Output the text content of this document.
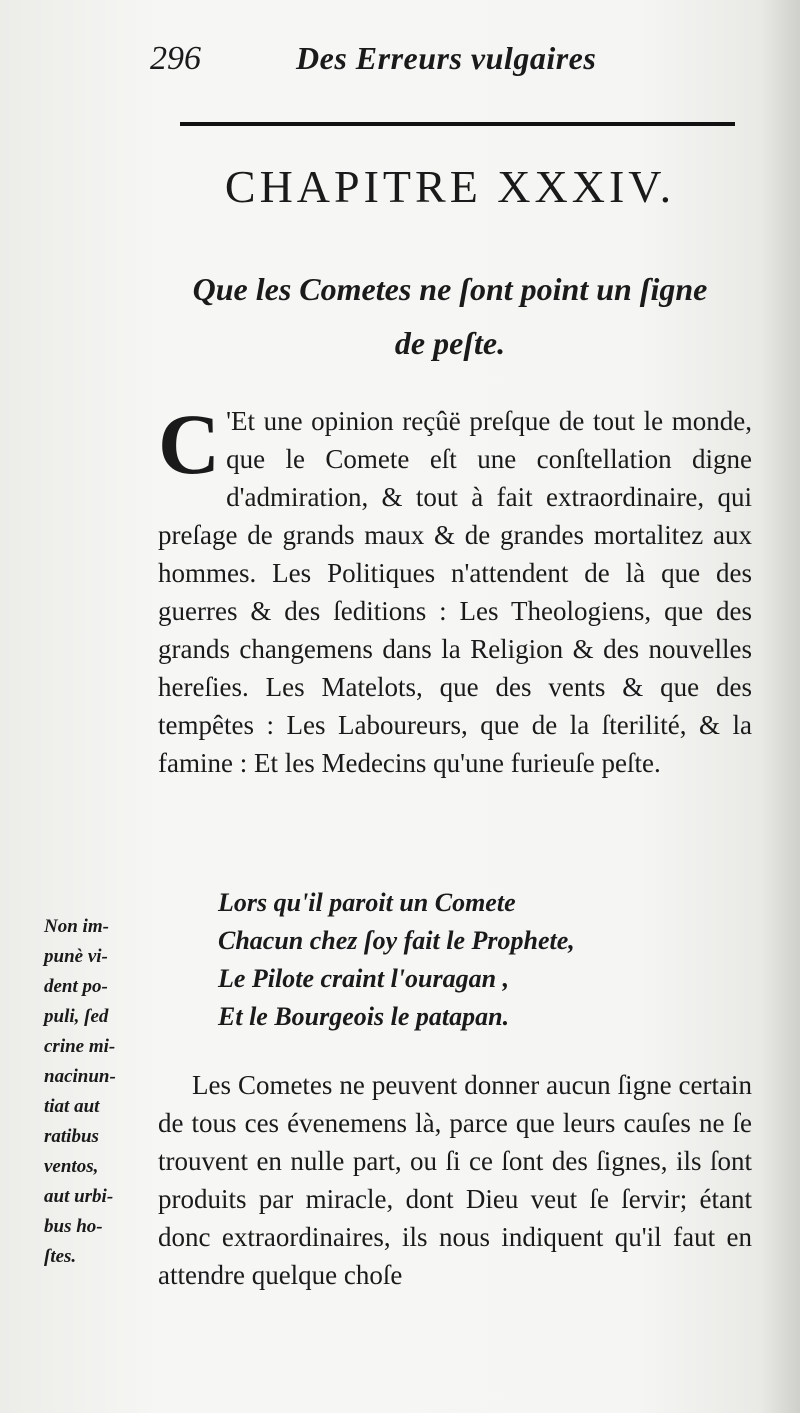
296	Des Erreurs vulgaires
CHAPITRE XXXIV.
Que les Cometes ne ſont point un ſigne
de peſte.

C 'Et une opinion reçûë preſque de tout le monde, que le Comete eſt une conſtellation digne d'admiration, & tout à fait extraordinaire, qui preſage de grands maux & de grandes mortalitez aux hommes. Les Politiques n'attendent de là que des guerres & des ſeditions : Les Theologiens, que des grands changemens dans la Religion & des nouvelles hereſies. Les Matelots, que des vents & que des tempêtes : Les Laboureurs, que de la ſterilité, & la famine : Et les Medecins qu'une furieuſe peſte.

Non im-
punè vi-
dent po-
puli, ſed
crine mi-
nacinun-
tiat aut
ratibus
ventos,
aut urbi-
bus ho-
ſtes.
Lors qu'il paroit un Comete
Chacun chez ſoy fait le Prophete,
Le Pilote craint l'ouragan ,
Et le Bourgeois le patapan.

Les Cometes ne peuvent donner aucun ſigne certain de tous ces évenemens là, parce que leurs cauſes ne ſe trouvent en nulle part, ou ſi ce ſont des ſignes, ils ſont produits par miracle, dont Dieu veut ſe ſervir; étant donc extraordinaires, ils nous indiquent qu'il faut en attendre quelque choſe
